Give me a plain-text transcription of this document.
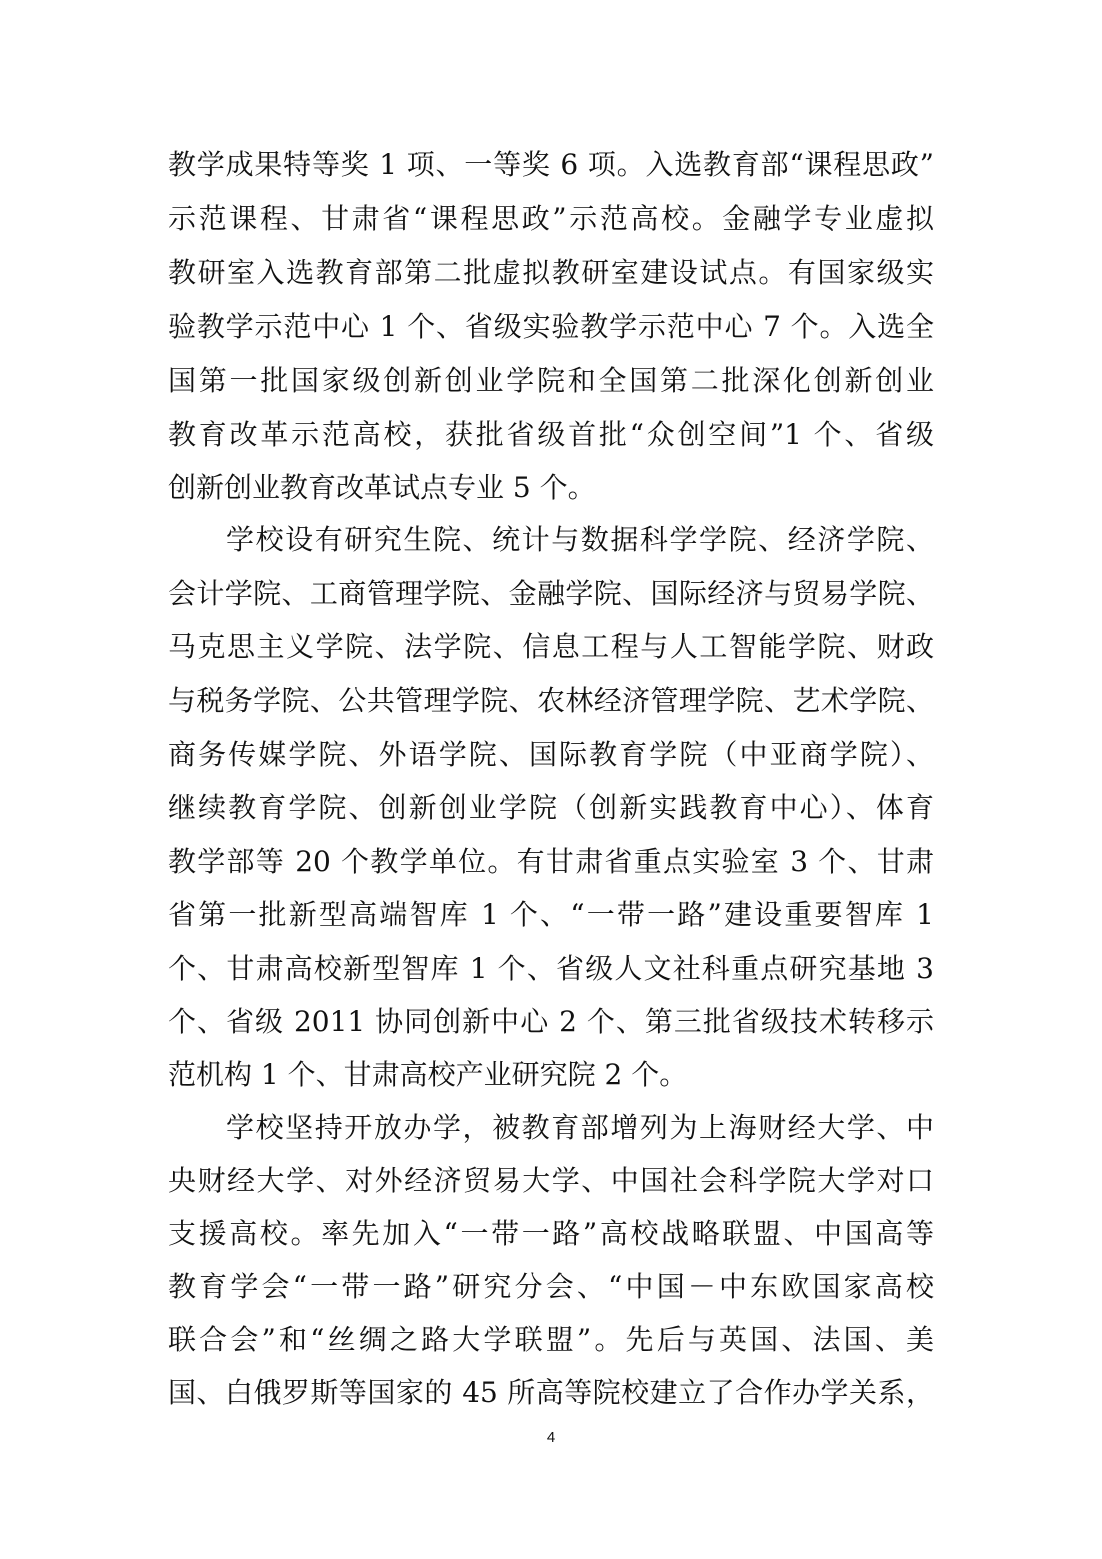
教学成果特等奖 1 项、一等奖 6 项。入选教育部“课程思政”
示范课程、甘肃省“课程思政”示范高校。金融学专业虚拟
教研室入选教育部第二批虚拟教研室建设试点。有国家级实
验教学示范中心 1 个、省级实验教学示范中心 7 个。入选全
国第一批国家级创新创业学院和全国第二批深化创新创业
教育改革示范高校，获批省级首批“众创空间”1 个、省级
创新创业教育改革试点专业 5 个。
学校设有研究生院、统计与数据科学学院、经济学院、
会计学院、工商管理学院、金融学院、国际经济与贸易学院、
马克思主义学院、法学院、信息工程与人工智能学院、财政
与税务学院、公共管理学院、农林经济管理学院、艺术学院、
商务传媒学院、外语学院、国际教育学院（中亚商学院）、
继续教育学院、创新创业学院（创新实践教育中心）、体育
教学部等 20 个教学单位。有甘肃省重点实验室 3 个、甘肃
省第一批新型高端智库 1 个、“一带一路”建设重要智库 1
个、甘肃高校新型智库 1 个、省级人文社科重点研究基地 3
个、省级 2011 协同创新中心 2 个、第三批省级技术转移示
范机构 1 个、甘肃高校产业研究院 2 个。
学校坚持开放办学，被教育部增列为上海财经大学、中
央财经大学、对外经济贸易大学、中国社会科学院大学对口
支援高校。率先加入“一带一路”高校战略联盟、中国高等
教育学会“一带一路”研究分会、“中国－中东欧国家高校
联合会”和“丝绸之路大学联盟”。先后与英国、法国、美
国、白俄罗斯等国家的 45 所高等院校建立了合作办学关系，
4
